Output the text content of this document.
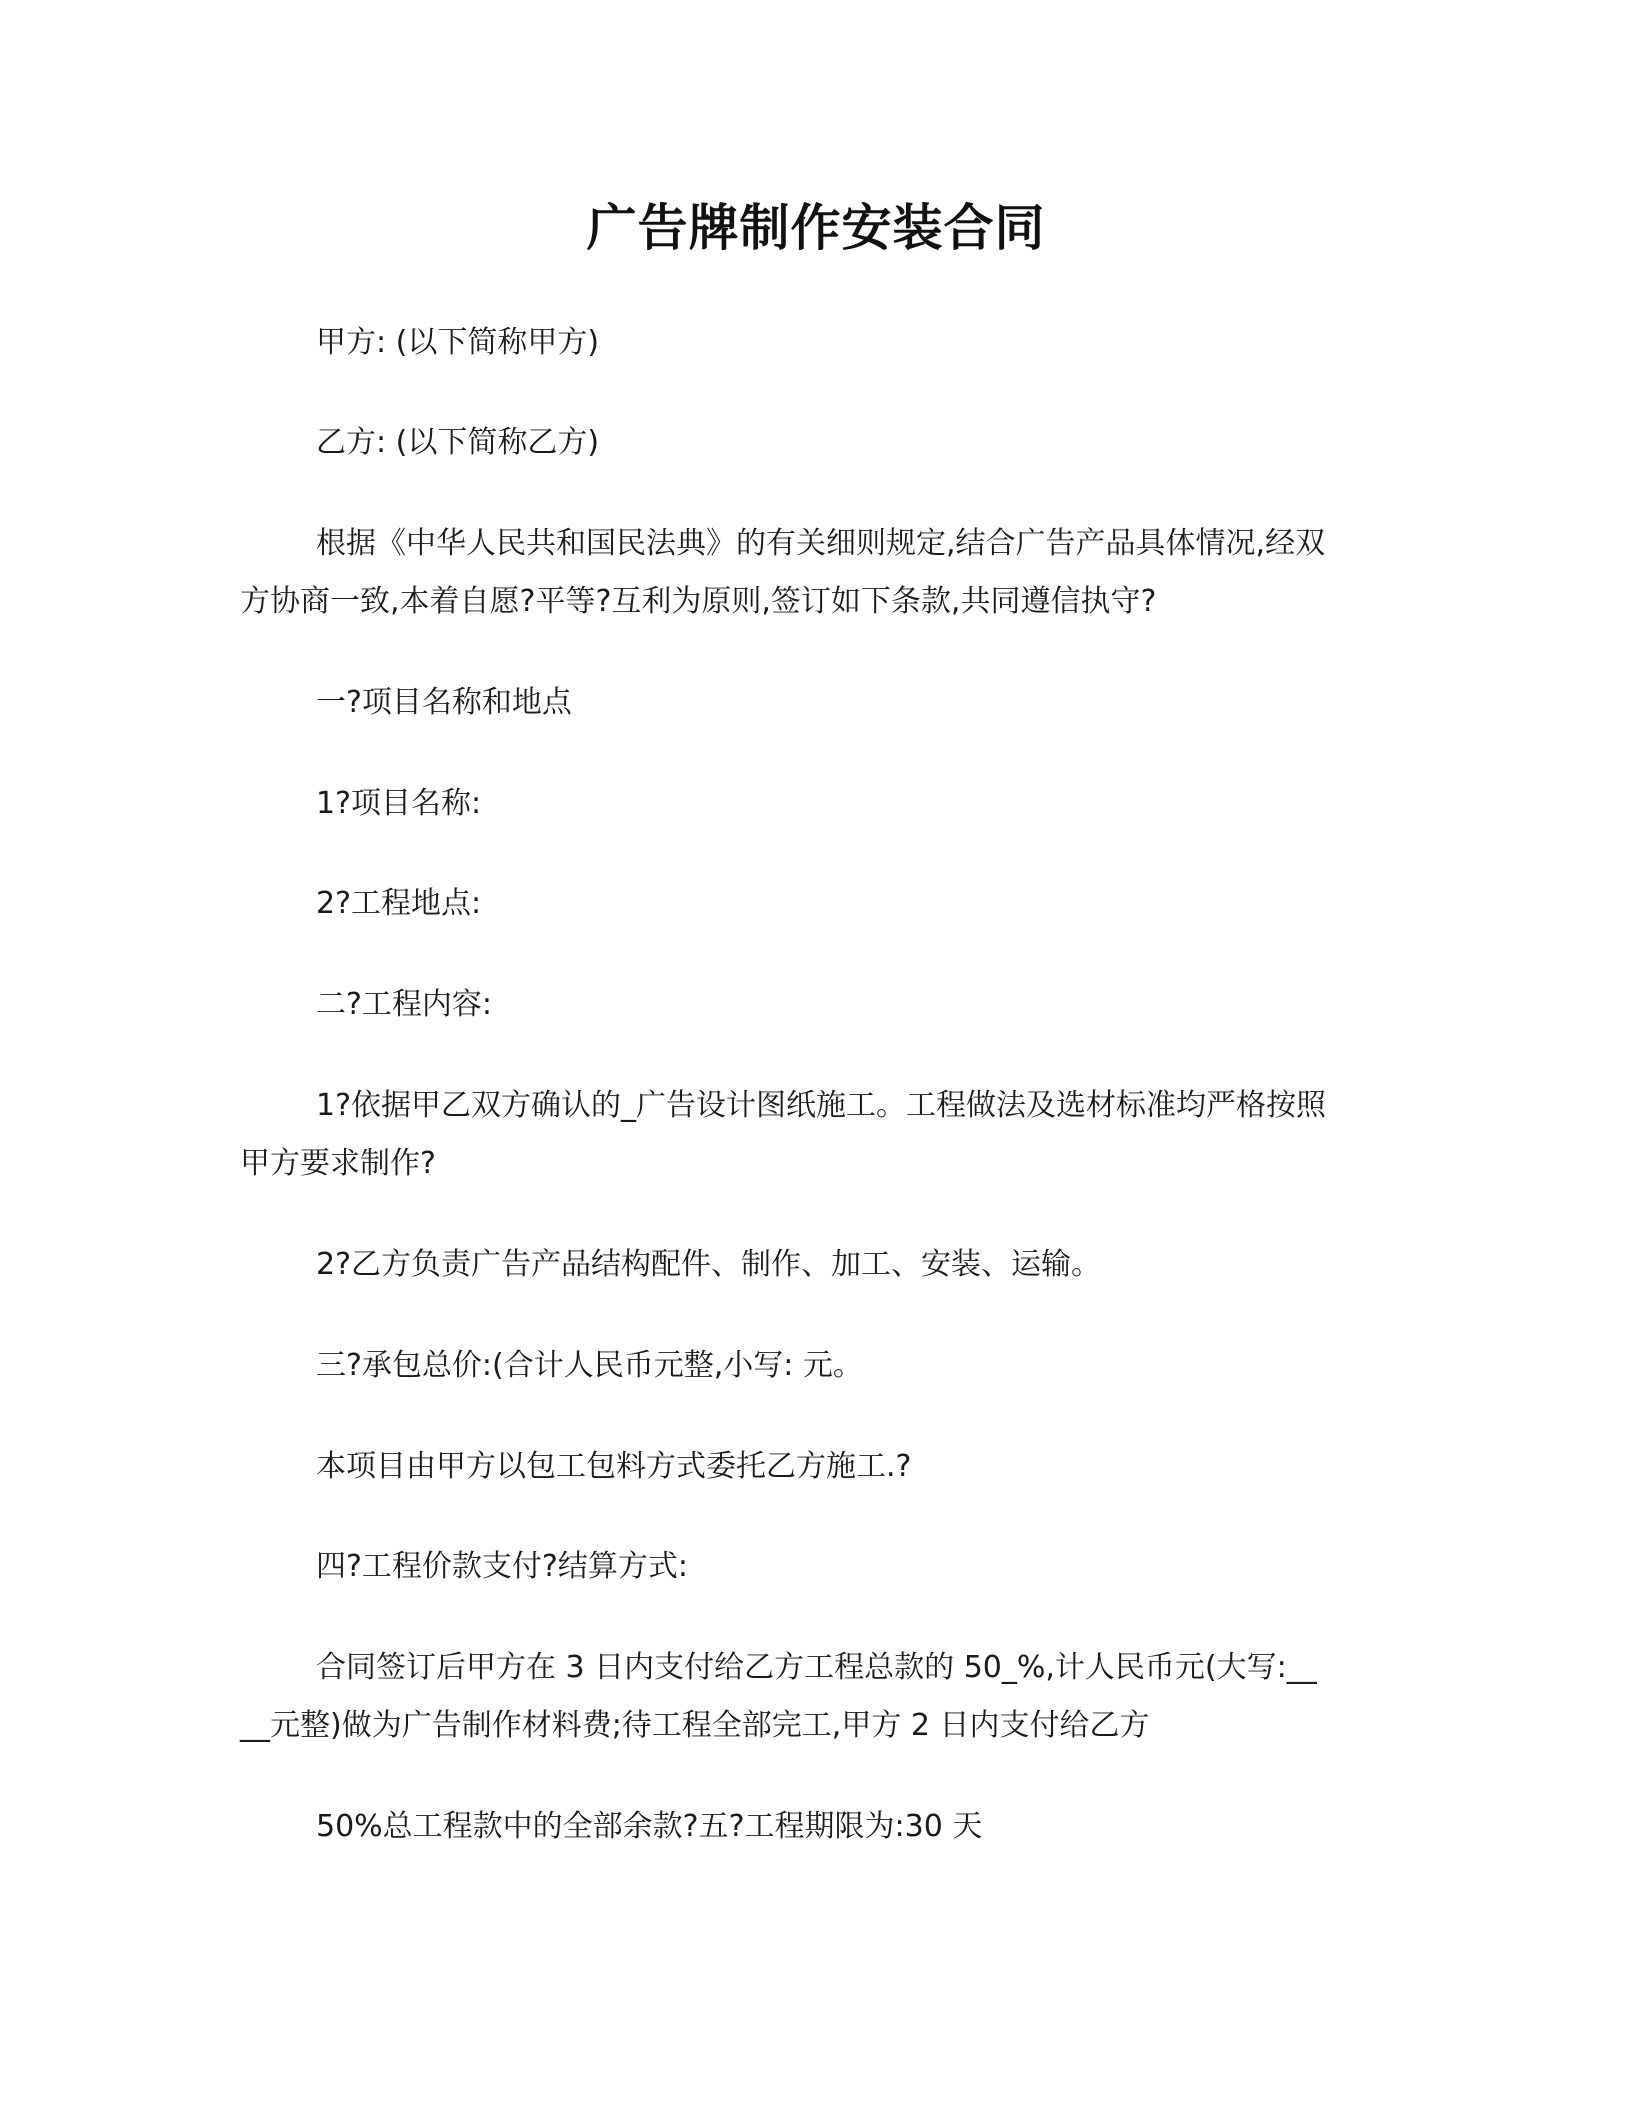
广告牌制作安装合同
甲方: (以下简称甲方)
乙方: (以下简称乙方)
根据《中华人民共和国民法典》的有关细则规定,结合广告产品具体情况,经双
方协商一致,本着自愿?平等?互利为原则,签订如下条款,共同遵信执守?
一?项目名称和地点
1?项目名称:
2?工程地点:
二?工程内容:
1?依据甲乙双方确认的_广告设计图纸施工。工程做法及选材标准均严格按照
甲方要求制作?
2?乙方负责广告产品结构配件、制作、加工、安装、运输。
三?承包总价:(合计人民币元整,小写: 元。
本项目由甲方以包工包料方式委托乙方施工.?
四?工程价款支付?结算方式:
合同签订后甲方在 3 日内支付给乙方工程总款的 50_%,计人民币元(大写:__
__元整)做为广告制作材料费;待工程全部完工,甲方 2 日内支付给乙方
50%总工程款中的全部余款?五?工程期限为:30 天
